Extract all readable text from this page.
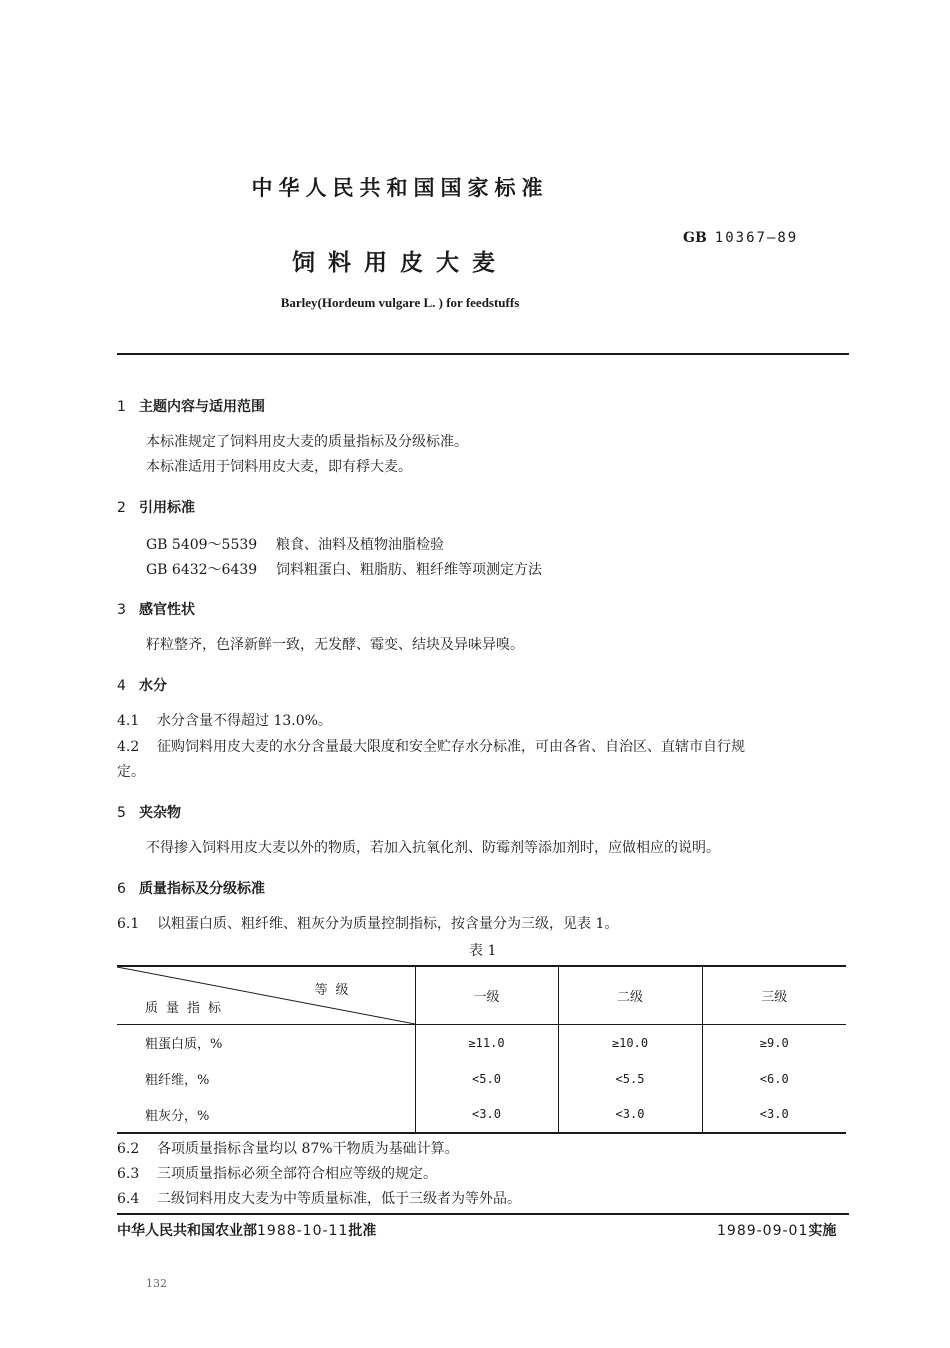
中华人民共和国国家标准
GB 10367—89
饲料用皮大麦
Barley(Hordeum vulgare L. ) for feedstuffs
1 主题内容与适用范围
本标准规定了饲料用皮大麦的质量指标及分级标准。
本标准适用于饲料用皮大麦，即有稃大麦。
2 引用标准
GB 5409～5539 粮食、油料及植物油脂检验
GB 6432～6439 饲料粗蛋白、粗脂肪、粗纤维等项测定方法
3 感官性状
籽粒整齐，色泽新鲜一致，无发酵、霉变、结块及异味异嗅。
4 水分
4.1 水分含量不得超过 13.0%。
4.2 征购饲料用皮大麦的水分含量最大限度和安全贮存水分标准，可由各省、自治区、直辖市自行规
定。
5 夹杂物
不得掺入饲料用皮大麦以外的物质，若加入抗氧化剂、防霉剂等添加剂时，应做相应的说明。
6 质量指标及分级标准
6.1 以粗蛋白质、粗纤维、粗灰分为质量控制指标，按含量分为三级，见表 1。
表 1
等级
质量指标	一级	二级	三级
粗蛋白质，%	≥11.0	≥10.0	≥9.0
粗纤维，%	<5.0	<5.5	<6.0
粗灰分，%	<3.0	<3.0	<3.0
6.2 各项质量指标含量均以 87%干物质为基础计算。
6.3 三项质量指标必须全部符合相应等级的规定。
6.4 二级饲料用皮大麦为中等质量标准，低于三级者为等外品。
中华人民共和国农业部1988-10-11批准	1989-09-01实施
132
